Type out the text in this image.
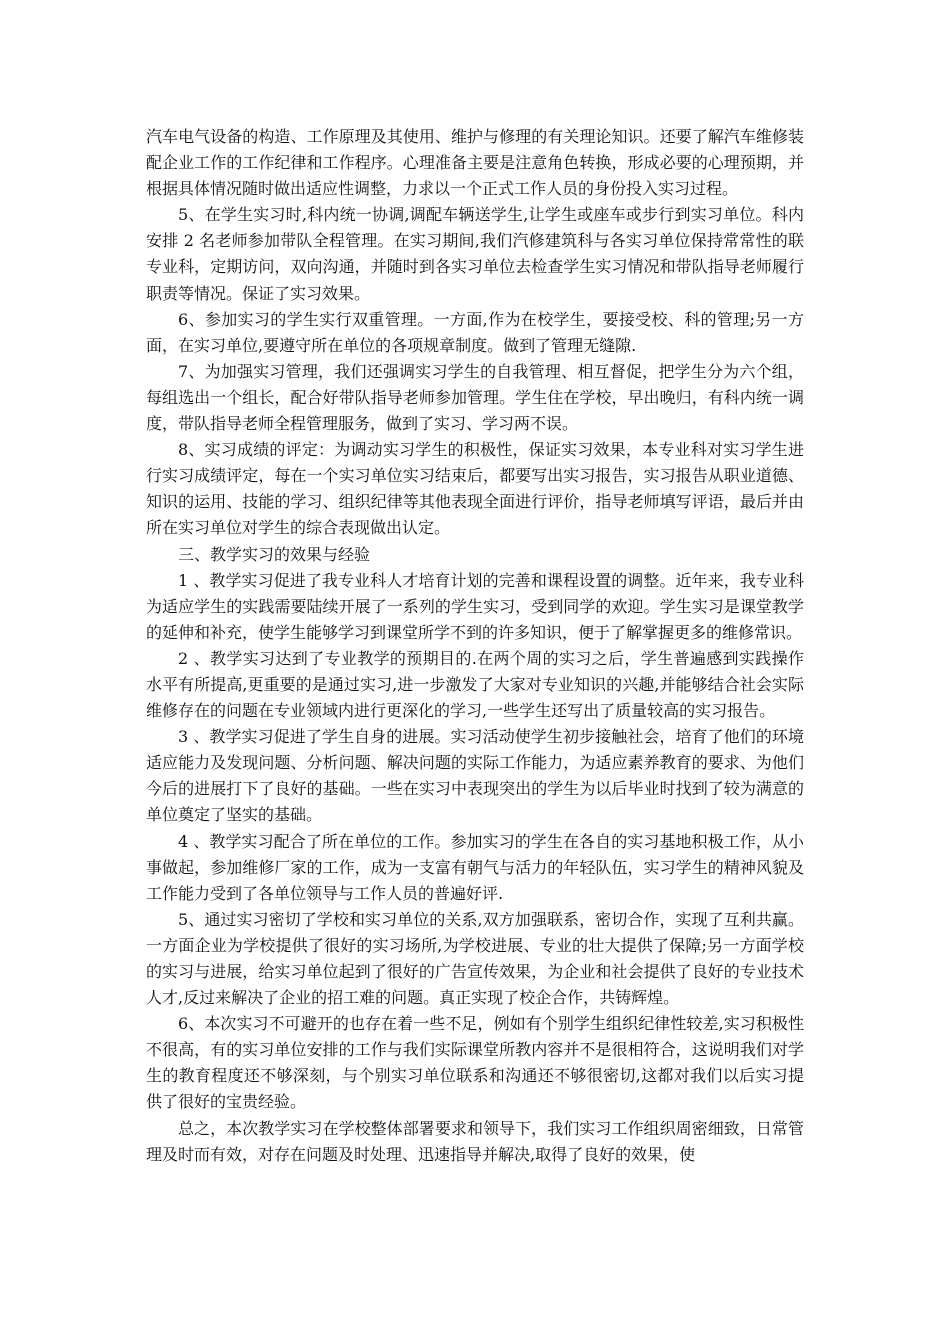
汽车电气设备的构造、工作原理及其使用、维护与修理的有关理论知识。还要了解汽车维修装配企业工作的工作纪律和工作程序。心理准备主要是注意角色转换，形成必要的心理预期，并根据具体情况随时做出适应性调整，力求以一个正式工作人员的身份投入实习过程。

5、在学生实习时,科内统一协调,调配车辆送学生,让学生或座车或步行到实习单位。科内安排 2 名老师参加带队全程管理。在实习期间,我们汽修建筑科与各实习单位保持常常性的联专业科，定期访问，双向沟通，并随时到各实习单位去检查学生实习情况和带队指导老师履行职责等情况。保证了实习效果。

6、参加实习的学生实行双重管理。一方面,作为在校学生，要接受校、科的管理;另一方面，在实习单位,要遵守所在单位的各项规章制度。做到了管理无缝隙.

7、为加强实习管理，我们还强调实习学生的自我管理、相互督促，把学生分为六个组，每组选出一个组长，配合好带队指导老师参加管理。学生住在学校，早出晚归，有科内统一调度，带队指导老师全程管理服务，做到了实习、学习两不误。

8、实习成绩的评定：为调动实习学生的积极性，保证实习效果，本专业科对实习学生进行实习成绩评定，每在一个实习单位实习结束后，都要写出实习报告，实习报告从职业道德、知识的运用、技能的学习、组织纪律等其他表现全面进行评价，指导老师填写评语，最后并由所在实习单位对学生的综合表现做出认定。

三、教学实习的效果与经验

1 、教学实习促进了我专业科人才培育计划的完善和课程设置的调整。近年来，我专业科为适应学生的实践需要陆续开展了一系列的学生实习，受到同学的欢迎。学生实习是课堂教学的延伸和补充，使学生能够学习到课堂所学不到的许多知识，便于了解掌握更多的维修常识。

2 、教学实习达到了专业教学的预期目的.在两个周的实习之后，学生普遍感到实践操作水平有所提高,更重要的是通过实习,进一步激发了大家对专业知识的兴趣,并能够结合社会实际维修存在的问题在专业领域内进行更深化的学习,一些学生还写出了质量较高的实习报告。

3 、教学实习促进了学生自身的进展。实习活动使学生初步接触社会，培育了他们的环境适应能力及发现问题、分析问题、解决问题的实际工作能力，为适应素养教育的要求、为他们今后的进展打下了良好的基础。一些在实习中表现突出的学生为以后毕业时找到了较为满意的单位奠定了坚实的基础。

4 、教学实习配合了所在单位的工作。参加实习的学生在各自的实习基地积极工作，从小事做起，参加维修厂家的工作，成为一支富有朝气与活力的年轻队伍，实习学生的精神风貌及工作能力受到了各单位领导与工作人员的普遍好评.

5、通过实习密切了学校和实习单位的关系,双方加强联系，密切合作，实现了互利共赢。一方面企业为学校提供了很好的实习场所,为学校进展、专业的壮大提供了保障;另一方面学校的实习与进展，给实习单位起到了很好的广告宣传效果，为企业和社会提供了良好的专业技术人才,反过来解决了企业的招工难的问题。真正实现了校企合作，共铸辉煌。

6、本次实习不可避开的也存在着一些不足，例如有个别学生组织纪律性较差,实习积极性不很高，有的实习单位安排的工作与我们实际课堂所教内容并不是很相符合，这说明我们对学生的教育程度还不够深刻，与个别实习单位联系和沟通还不够很密切,这都对我们以后实习提供了很好的宝贵经验。

总之，本次教学实习在学校整体部署要求和领导下，我们实习工作组织周密细致，日常管理及时而有效，对存在问题及时处理、迅速指导并解决,取得了良好的效果，使
